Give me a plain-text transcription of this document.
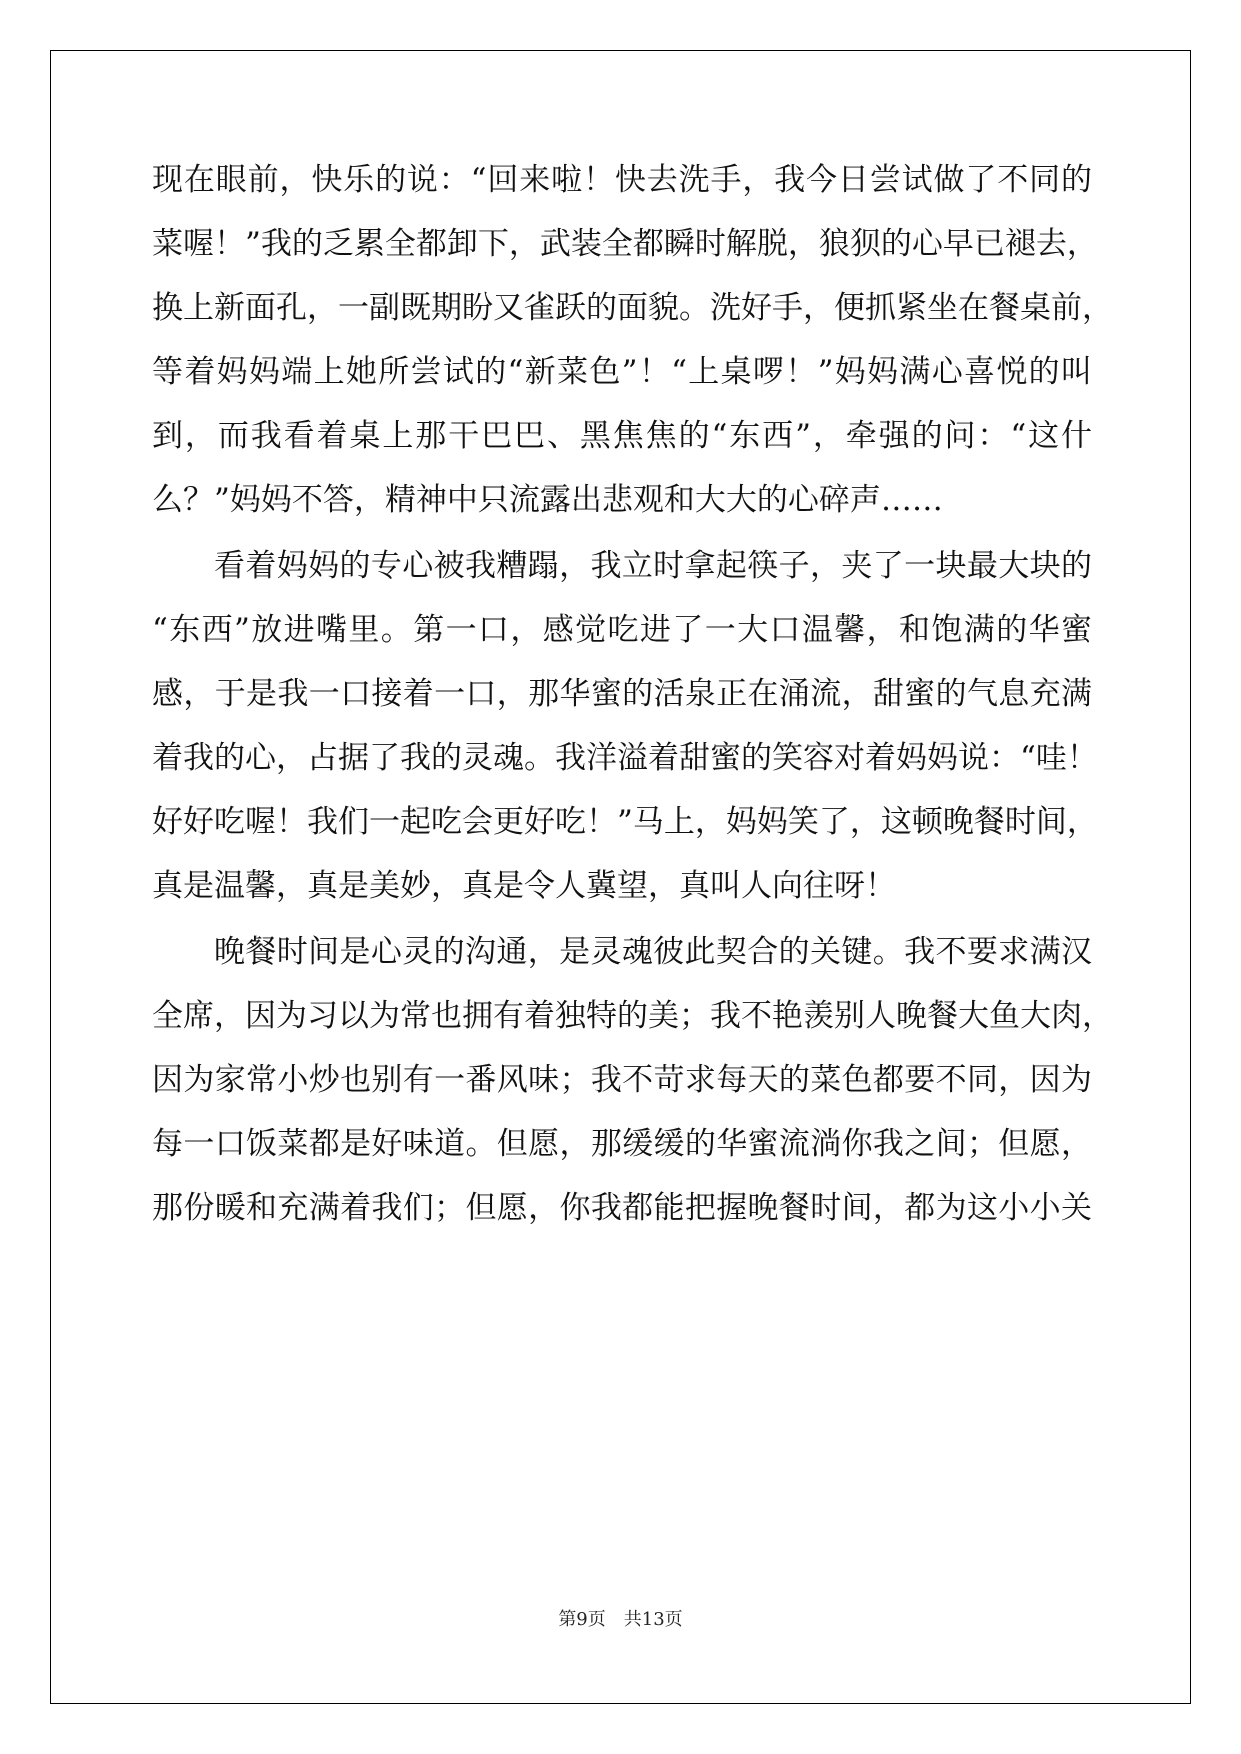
现在眼前，快乐的说：“回来啦！快去洗手，我今日尝试做了不同的
菜喔！”我的乏累全都卸下，武装全都瞬时解脱，狼狈的心早已褪去，
换上新面孔，一副既期盼又雀跃的面貌。洗好手，便抓紧坐在餐桌前，
等着妈妈端上她所尝试的“新菜色”！“上桌啰！”妈妈满心喜悦的叫
到，而我看着桌上那干巴巴、黑焦焦的“东西”，牵强的问：“这什
么？”妈妈不答，精神中只流露出悲观和大大的心碎声……
看着妈妈的专心被我糟蹋，我立时拿起筷子，夹了一块最大块的
“东西”放进嘴里。第一口，感觉吃进了一大口温馨，和饱满的华蜜
感，于是我一口接着一口，那华蜜的活泉正在涌流，甜蜜的气息充满
着我的心，占据了我的灵魂。我洋溢着甜蜜的笑容对着妈妈说：“哇！
好好吃喔！我们一起吃会更好吃！”马上，妈妈笑了，这顿晚餐时间，
真是温馨，真是美妙，真是令人冀望，真叫人向往呀！
晚餐时间是心灵的沟通，是灵魂彼此契合的关键。我不要求满汉
全席，因为习以为常也拥有着独特的美；我不艳羡别人晚餐大鱼大肉，
因为家常小炒也别有一番风味；我不苛求每天的菜色都要不同，因为
每一口饭菜都是好味道。但愿，那缓缓的华蜜流淌你我之间；但愿，
那份暖和充满着我们；但愿，你我都能把握晚餐时间，都为这小小关
第9页　共13页
